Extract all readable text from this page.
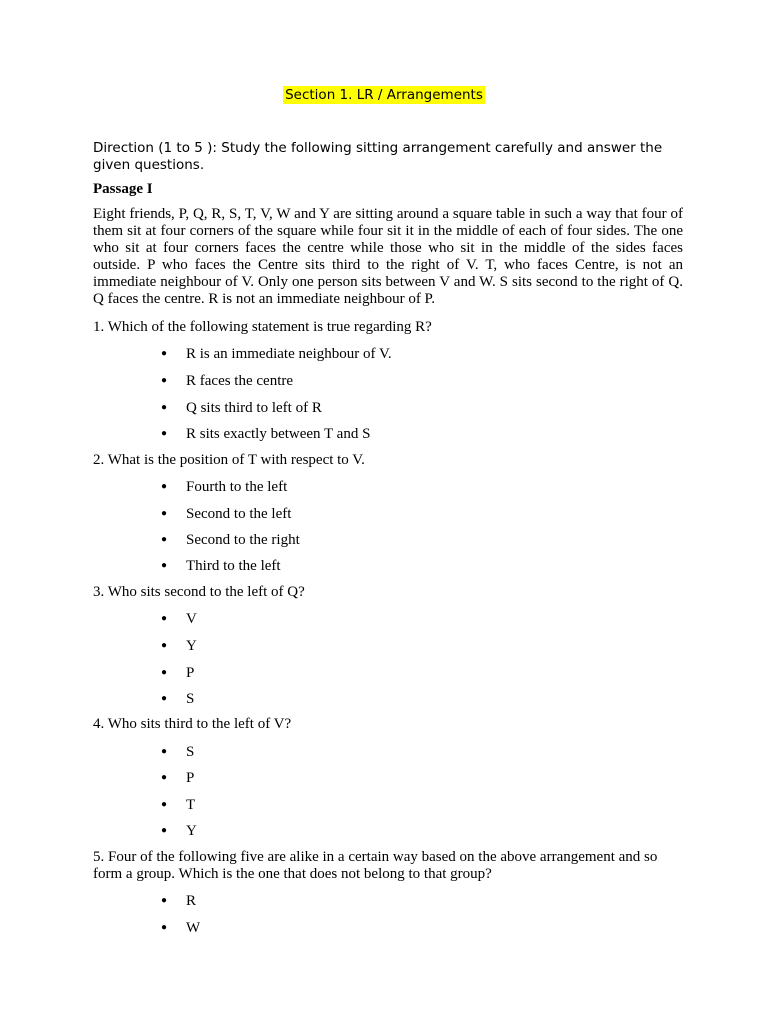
Section 1. LR / Arrangements
Direction (1 to 5 ): Study the following sitting arrangement carefully and answer the given questions.
Passage I
Eight friends, P, Q, R, S, T, V, W and Y are sitting around a square table in such a way that four of them sit at four corners of the square while four sit it in the middle of each of four sides. The one who sit at four corners faces the centre while those who sit in the middle of the sides faces outside. P who faces the Centre sits third to the right of V. T, who faces Centre, is not an immediate neighbour of V. Only one person sits between V and W. S sits second to the right of Q. Q faces the centre. R is not an immediate neighbour of P.
1. Which of the following statement is true regarding R?
● R is an immediate neighbour of V.
● R faces the centre
● Q sits third to left of R
● R sits exactly between T and S
2. What is the position of T with respect to V.
● Fourth to the left
● Second to the left
● Second to the right
● Third to the left
3. Who sits second to the left of Q?
● V
● Y
● P
● S
4. Who sits third to the left of V?
● S
● P
● T
● Y
5. Four of the following five are alike in a certain way based on the above arrangement and so form a group. Which is the one that does not belong to that group?
● R
● W
